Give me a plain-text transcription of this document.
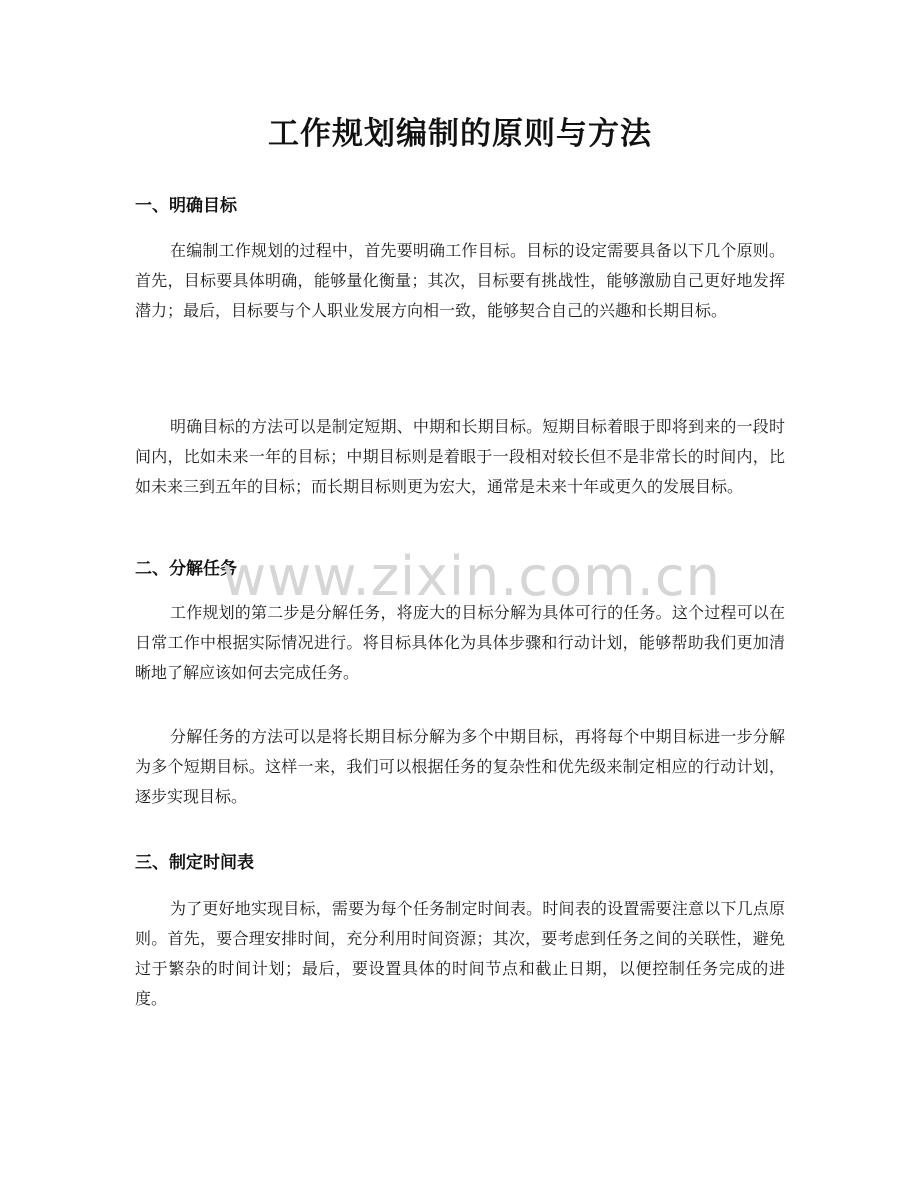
工作规划编制的原则与方法
一、明确目标

在编制工作规划的过程中，首先要明确工作目标。目标的设定需要具备以下几个原则。首先，目标要具体明确，能够量化衡量；其次，目标要有挑战性，能够激励自己更好地发挥潜力；最后，目标要与个人职业发展方向相一致，能够契合自己的兴趣和长期目标。

明确目标的方法可以是制定短期、中期和长期目标。短期目标着眼于即将到来的一段时间内，比如未来一年的目标；中期目标则是着眼于一段相对较长但不是非常长的时间内，比如未来三到五年的目标；而长期目标则更为宏大，通常是未来十年或更久的发展目标。

二、分解任务

工作规划的第二步是分解任务，将庞大的目标分解为具体可行的任务。这个过程可以在日常工作中根据实际情况进行。将目标具体化为具体步骤和行动计划，能够帮助我们更加清晰地了解应该如何去完成任务。

分解任务的方法可以是将长期目标分解为多个中期目标，再将每个中期目标进一步分解为多个短期目标。这样一来，我们可以根据任务的复杂性和优先级来制定相应的行动计划，逐步实现目标。

三、制定时间表

为了更好地实现目标，需要为每个任务制定时间表。时间表的设置需要注意以下几点原则。首先，要合理安排时间，充分利用时间资源；其次，要考虑到任务之间的关联性，避免过于繁杂的时间计划；最后，要设置具体的时间节点和截止日期，以便控制任务完成的进度。

www.zixin.com.cn
